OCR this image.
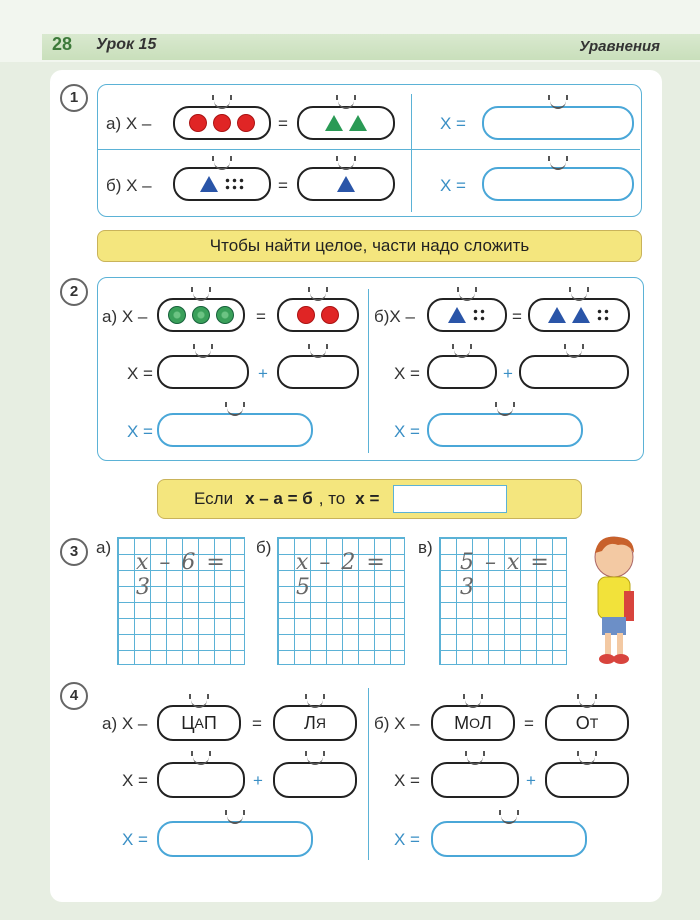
28 Урок 15	Уравнения
1
а) Х –	=	Х =
б) Х –	=	Х =
Чтобы найти целое, части надо сложить
2
а) Х –	=
Х =	+
Х =
б)Х –	=
Х =	+
Х =
Если х – а = б , то х =
3	а)
x – 6 = 3
б)
x – 2 = 5
в)
5 – x = 3
4
а) Х – Ц А П = Л Я
Х =	+
Х =
б) Х – М О Л = О Т
Х =	+
Х =
